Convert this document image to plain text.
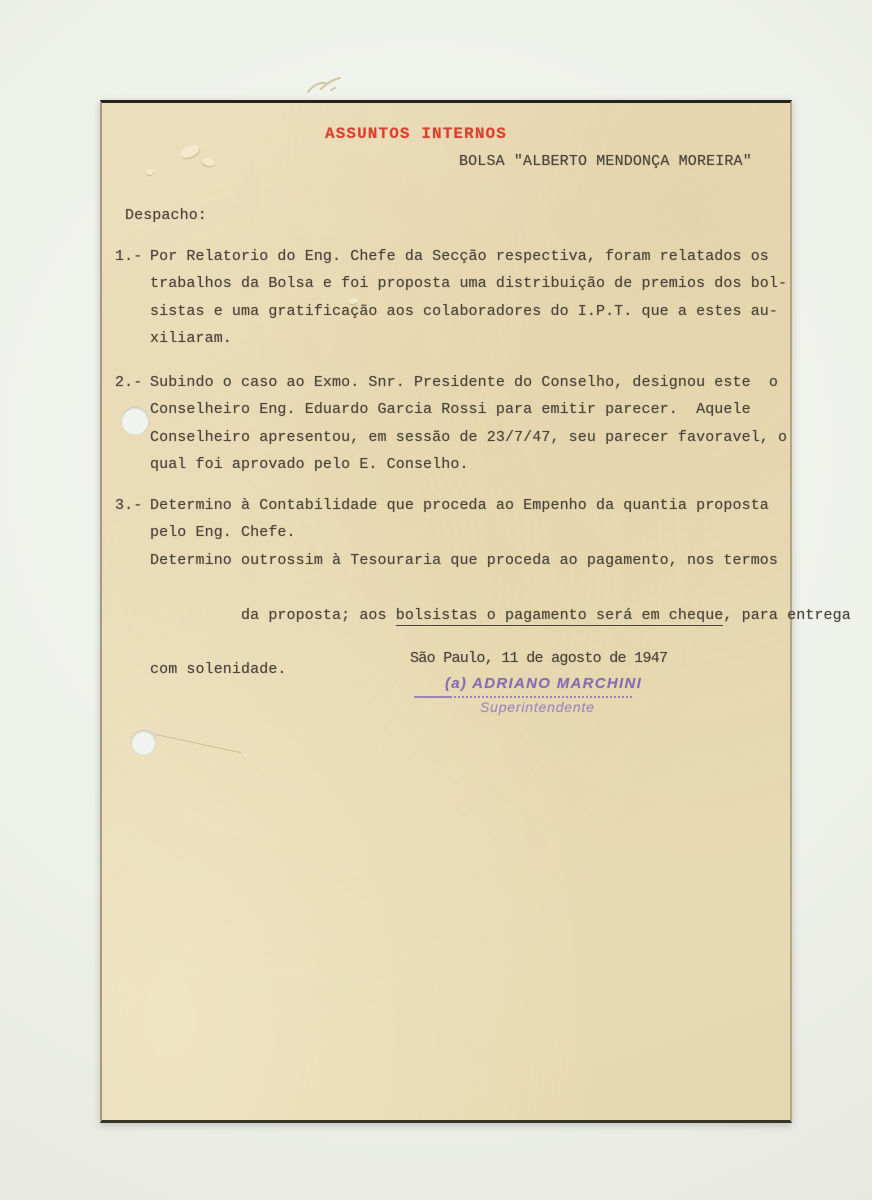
ASSUNTOS INTERNOS
BOLSA "ALBERTO MENDONÇA MOREIRA"
Despacho:
1.- Por Relatorio do Eng. Chefe da Secção respectiva, foram relatados os
trabalhos da Bolsa e foi proposta uma distribuição de premios dos bol-
sistas e uma gratificação aos colaboradores do I.P.T. que a estes au-
xiliaram.
2.- Subindo o caso ao Exmo. Snr. Presidente do Conselho, designou este  o
Conselheiro Eng. Eduardo Garcia Rossi para emitir parecer.  Aquele
Conselheiro apresentou, em sessão de 23/7/47, seu parecer favoravel, o
qual foi aprovado pelo E. Conselho.
3.- Determino à Contabilidade que proceda ao Empenho da quantia proposta
pelo Eng. Chefe.
Determino outrossim à Tesouraria que proceda ao pagamento, nos termos

da proposta; aos bolsistas o pagamento será em cheque, para entrega

com solenidade.
São Paulo, 11 de agosto de 1947
(a) ADRIANO MARCHINI
Superintendente
